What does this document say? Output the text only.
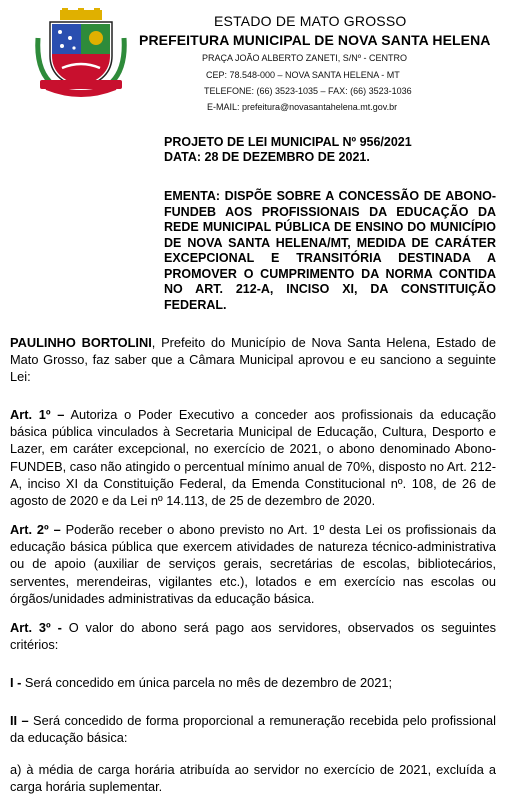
ESTADO DE MATO GROSSO
PREFEITURA MUNICIPAL DE NOVA SANTA HELENA
PRAÇA JOÃO ALBERTO ZANETI, S/Nº - CENTRO
CEP: 78.548-000 – NOVA SANTA HELENA - MT
TELEFONE: (66) 3523-1035 – FAX: (66) 3523-1036
E-MAIL: prefeitura@novasantahelena.mt.gov.br
PROJETO DE LEI MUNICIPAL Nº 956/2021
DATA: 28 DE DEZEMBRO DE 2021.
EMENTA: DISPÕE SOBRE A CONCESSÃO DE ABONO-FUNDEB AOS PROFISSIONAIS DA EDUCAÇÃO DA REDE MUNICIPAL PÚBLICA DE ENSINO DO MUNICÍPIO DE NOVA SANTA HELENA/MT, MEDIDA DE CARÁTER EXCEPCIONAL E TRANSITÓRIA DESTINADA A PROMOVER O CUMPRIMENTO DA NORMA CONTIDA NO ART. 212-A, INCISO XI, DA CONSTITUIÇÃO FEDERAL.
PAULINHO BORTOLINI, Prefeito do Município de Nova Santa Helena, Estado de Mato Grosso, faz saber que a Câmara Municipal aprovou e eu sanciono a seguinte Lei:
Art. 1º – Autoriza o Poder Executivo a conceder aos profissionais da educação básica pública vinculados à Secretaria Municipal de Educação, Cultura, Desporto e Lazer, em caráter excepcional, no exercício de 2021, o abono denominado Abono-FUNDEB, caso não atingido o percentual mínimo anual de 70%, disposto no Art. 212-A, inciso XI da Constituição Federal, da Emenda Constitucional nº. 108, de 26 de agosto de 2020 e da Lei nº 14.113, de 25 de dezembro de 2020.
Art. 2º – Poderão receber o abono previsto no Art. 1º desta Lei os profissionais da educação básica pública que exercem atividades de natureza técnico-administrativa ou de apoio (auxiliar de serviços gerais, secretárias de escolas, bibliotecários, serventes, merendeiras, vigilantes etc.), lotados e em exercício nas escolas ou órgãos/unidades administrativas da educação básica.
Art. 3º - O valor do abono será pago aos servidores, observados os seguintes critérios:
I - Será concedido em única parcela no mês de dezembro de 2021;
II – Será concedido de forma proporcional a remuneração recebida pelo profissional da educação básica:
a) à média de carga horária atribuída ao servidor no exercício de 2021, excluída a carga horária suplementar.
